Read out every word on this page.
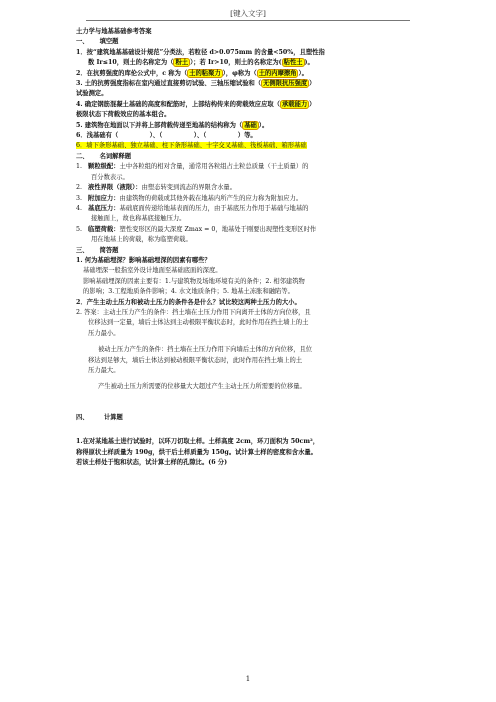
[键入文字]
土力学与地基基础参考答案
一、 填空题
1．按“建筑地基基础设计规范”分类法，若粒径 d>0.075mm 的含量<50%，且塑性指
数 Ir≤10，则土的名称定为（ 粉土 ）；若 Ir>10，则土的名称定为( 粘性土 )。
2．在抗剪强度的库伦公式中，c 称为（ 土的粘聚力 ），φ称为（ 土的内摩擦角 ）。
3. 土的抗剪强度指标在室内通过直接剪切试验、三轴压缩试验和（ 无侧限抗压强度 ）
试验测定。
4. 确定钢筋混凝土基础的高度和配筋时，上部结构传来的荷载效应应取（ 承载能力 ）
极限状态下荷载效应的基本组合。
5. 建筑物在地面以下并将上部荷载传递至地基的结构称为（ 基础 ）。
6．浅基础有（　　　　　）、（　　　　　）、（　　　　　）等。
6．墙下条形基础、独立基础、柱下条形基础、十字交叉基础、筏板基础、箱形基础
二、 名词解释题
1. 颗粒级配：土中各粒组的相对含量，通常用各粒组占土粒总质量（干土质量）的
百分数表示。
2. 液性界限（液限）：由塑态转变到流态的界限含水量。
3. 附加应力：由建筑物的荷载或其他外载在地基内所产生的应力称为附加应力。
4. 基底压力：基础底面传递给地基表面的压力，由于基底压力作用于基础与地基的
接触面上，故也称基底接触压力。
5. 临塑荷载：塑性变形区的最大深度 Zmax = 0，地基处于刚要出现塑性变形区时作
用在地基上的荷载，称为临塑荷载。
三、 简答题
1. 何为基础埋深？影响基础埋深的因素有哪些？
基础埋深一般指室外设计地面至基础底面的深度。
影响基础埋深的因素主要有：1.与建筑物及场地环境有关的条件；2. 相邻建筑物
的影响；3.工程地质条件影响；4. 水文地质条件；5. 地基土冻胀和融陷等。
2．产生主动土压力和被动土压力的条件各是什么？试比较这两种土压力的大小。
2. 答案：主动土压力产生的条件：挡土墙在土压力作用下向离开土体的方向位移，且
位移达到一定量，墙后土体达到主动极限平衡状态时，此时作用在挡土墙上的土
压力最小。
被动土压力产生的条件：挡土墙在土压力作用下向墙后土体的方向位移，且位
移达到足够大，墙后土体达到被动极限平衡状态时，此时作用在挡土墙上的土
压力最大。
产生被动土压力所需要的位移量大大超过产生主动土压力所需要的位移量。
四、 计算题
1.在对某地基土进行试验时，以环刀切取土样。土样高度 2cm，环刀面积为 50cm²，
称得原状土样质量为 190g，烘干后土样质量为 150g。试计算土样的密度和含水量。
若该土样处于饱和状态，试计算土样的孔隙比。(6 分)
1
